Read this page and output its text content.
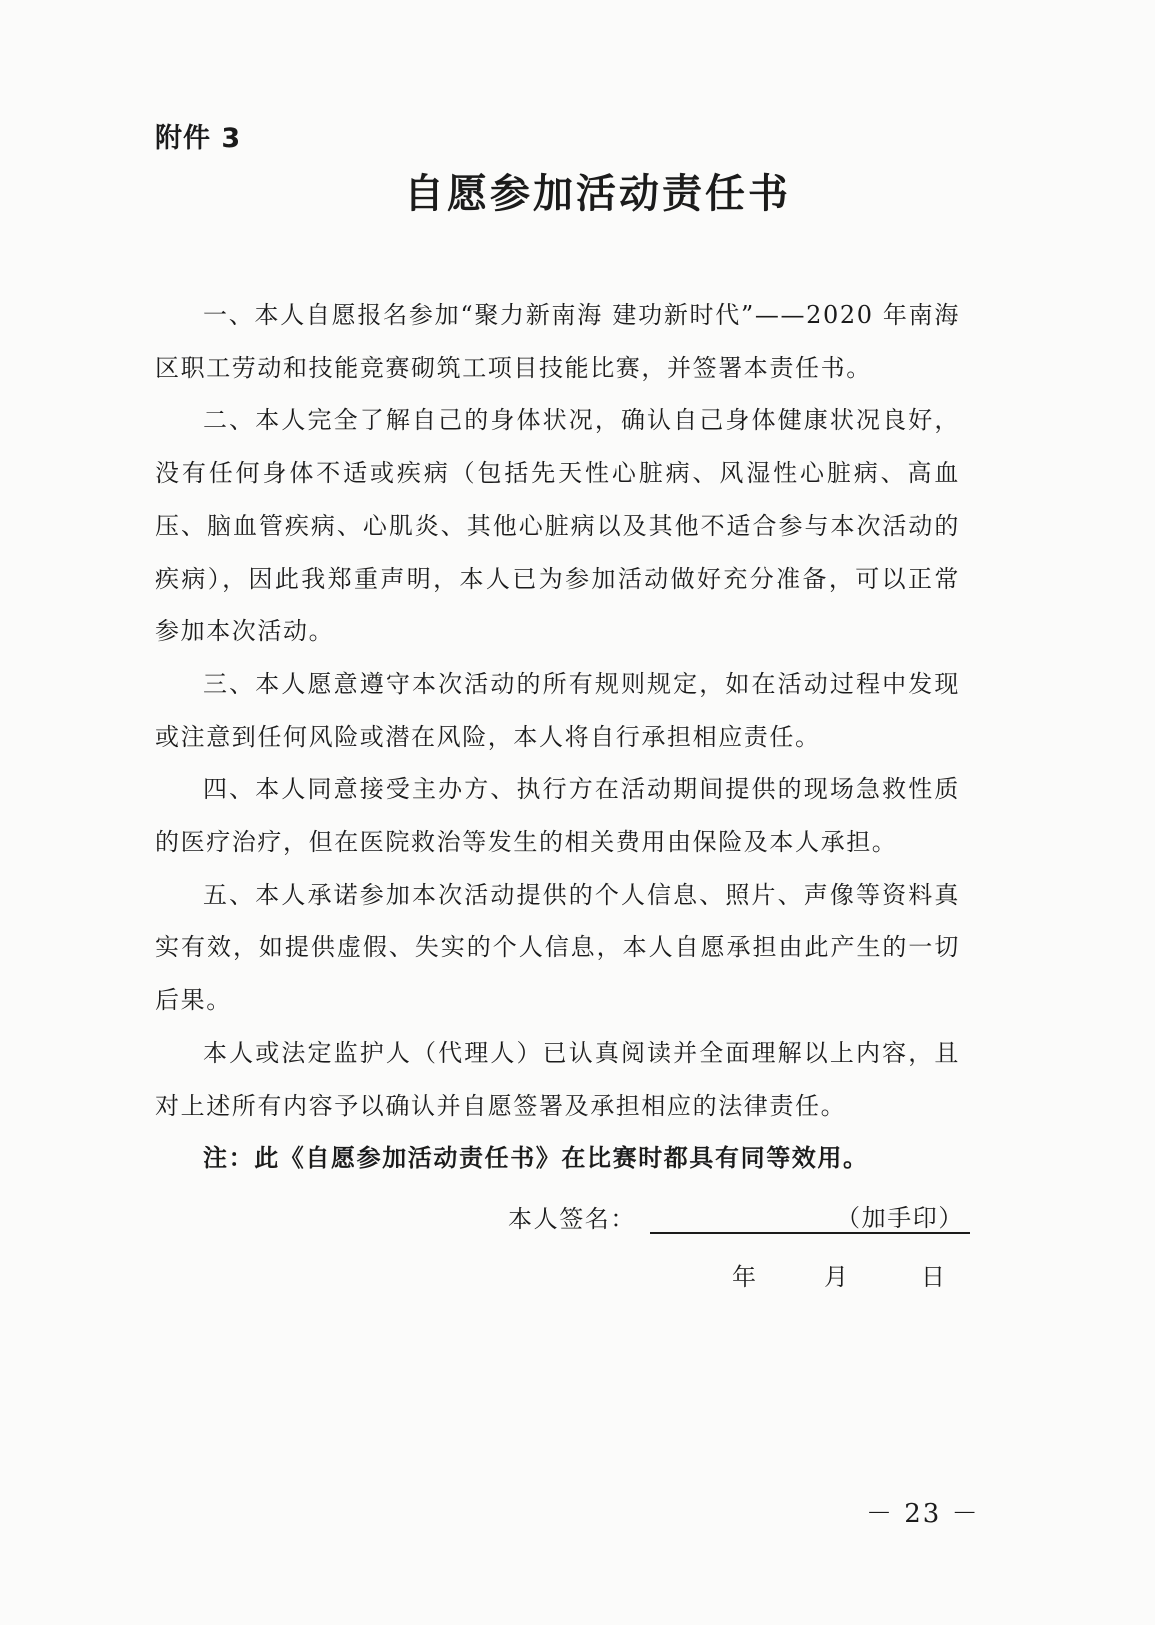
附件 3
自愿参加活动责任书

一、本人自愿报名参加“聚力新南海 建功新时代”——2020 年南海区职工劳动和技能竞赛砌筑工项目技能比赛，并签署本责任书。

二、本人完全了解自己的身体状况，确认自己身体健康状况良好，没有任何身体不适或疾病（包括先天性心脏病、风湿性心脏病、高血压、脑血管疾病、心肌炎、其他心脏病以及其他不适合参与本次活动的疾病），因此我郑重声明，本人已为参加活动做好充分准备，可以正常参加本次活动。

三、本人愿意遵守本次活动的所有规则规定，如在活动过程中发现或注意到任何风险或潜在风险，本人将自行承担相应责任。

四、本人同意接受主办方、执行方在活动期间提供的现场急救性质的医疗治疗，但在医院救治等发生的相关费用由保险及本人承担。

五、本人承诺参加本次活动提供的个人信息、照片、声像等资料真实有效，如提供虚假、失实的个人信息，本人自愿承担由此产生的一切后果。

本人或法定监护人（代理人）已认真阅读并全面理解以上内容，且对上述所有内容予以确认并自愿签署及承担相应的法律责任。

注：此《自愿参加活动责任书》在比赛时都具有同等效用。

本人签名：	（加手印）
年	月	日
－ 23 －
